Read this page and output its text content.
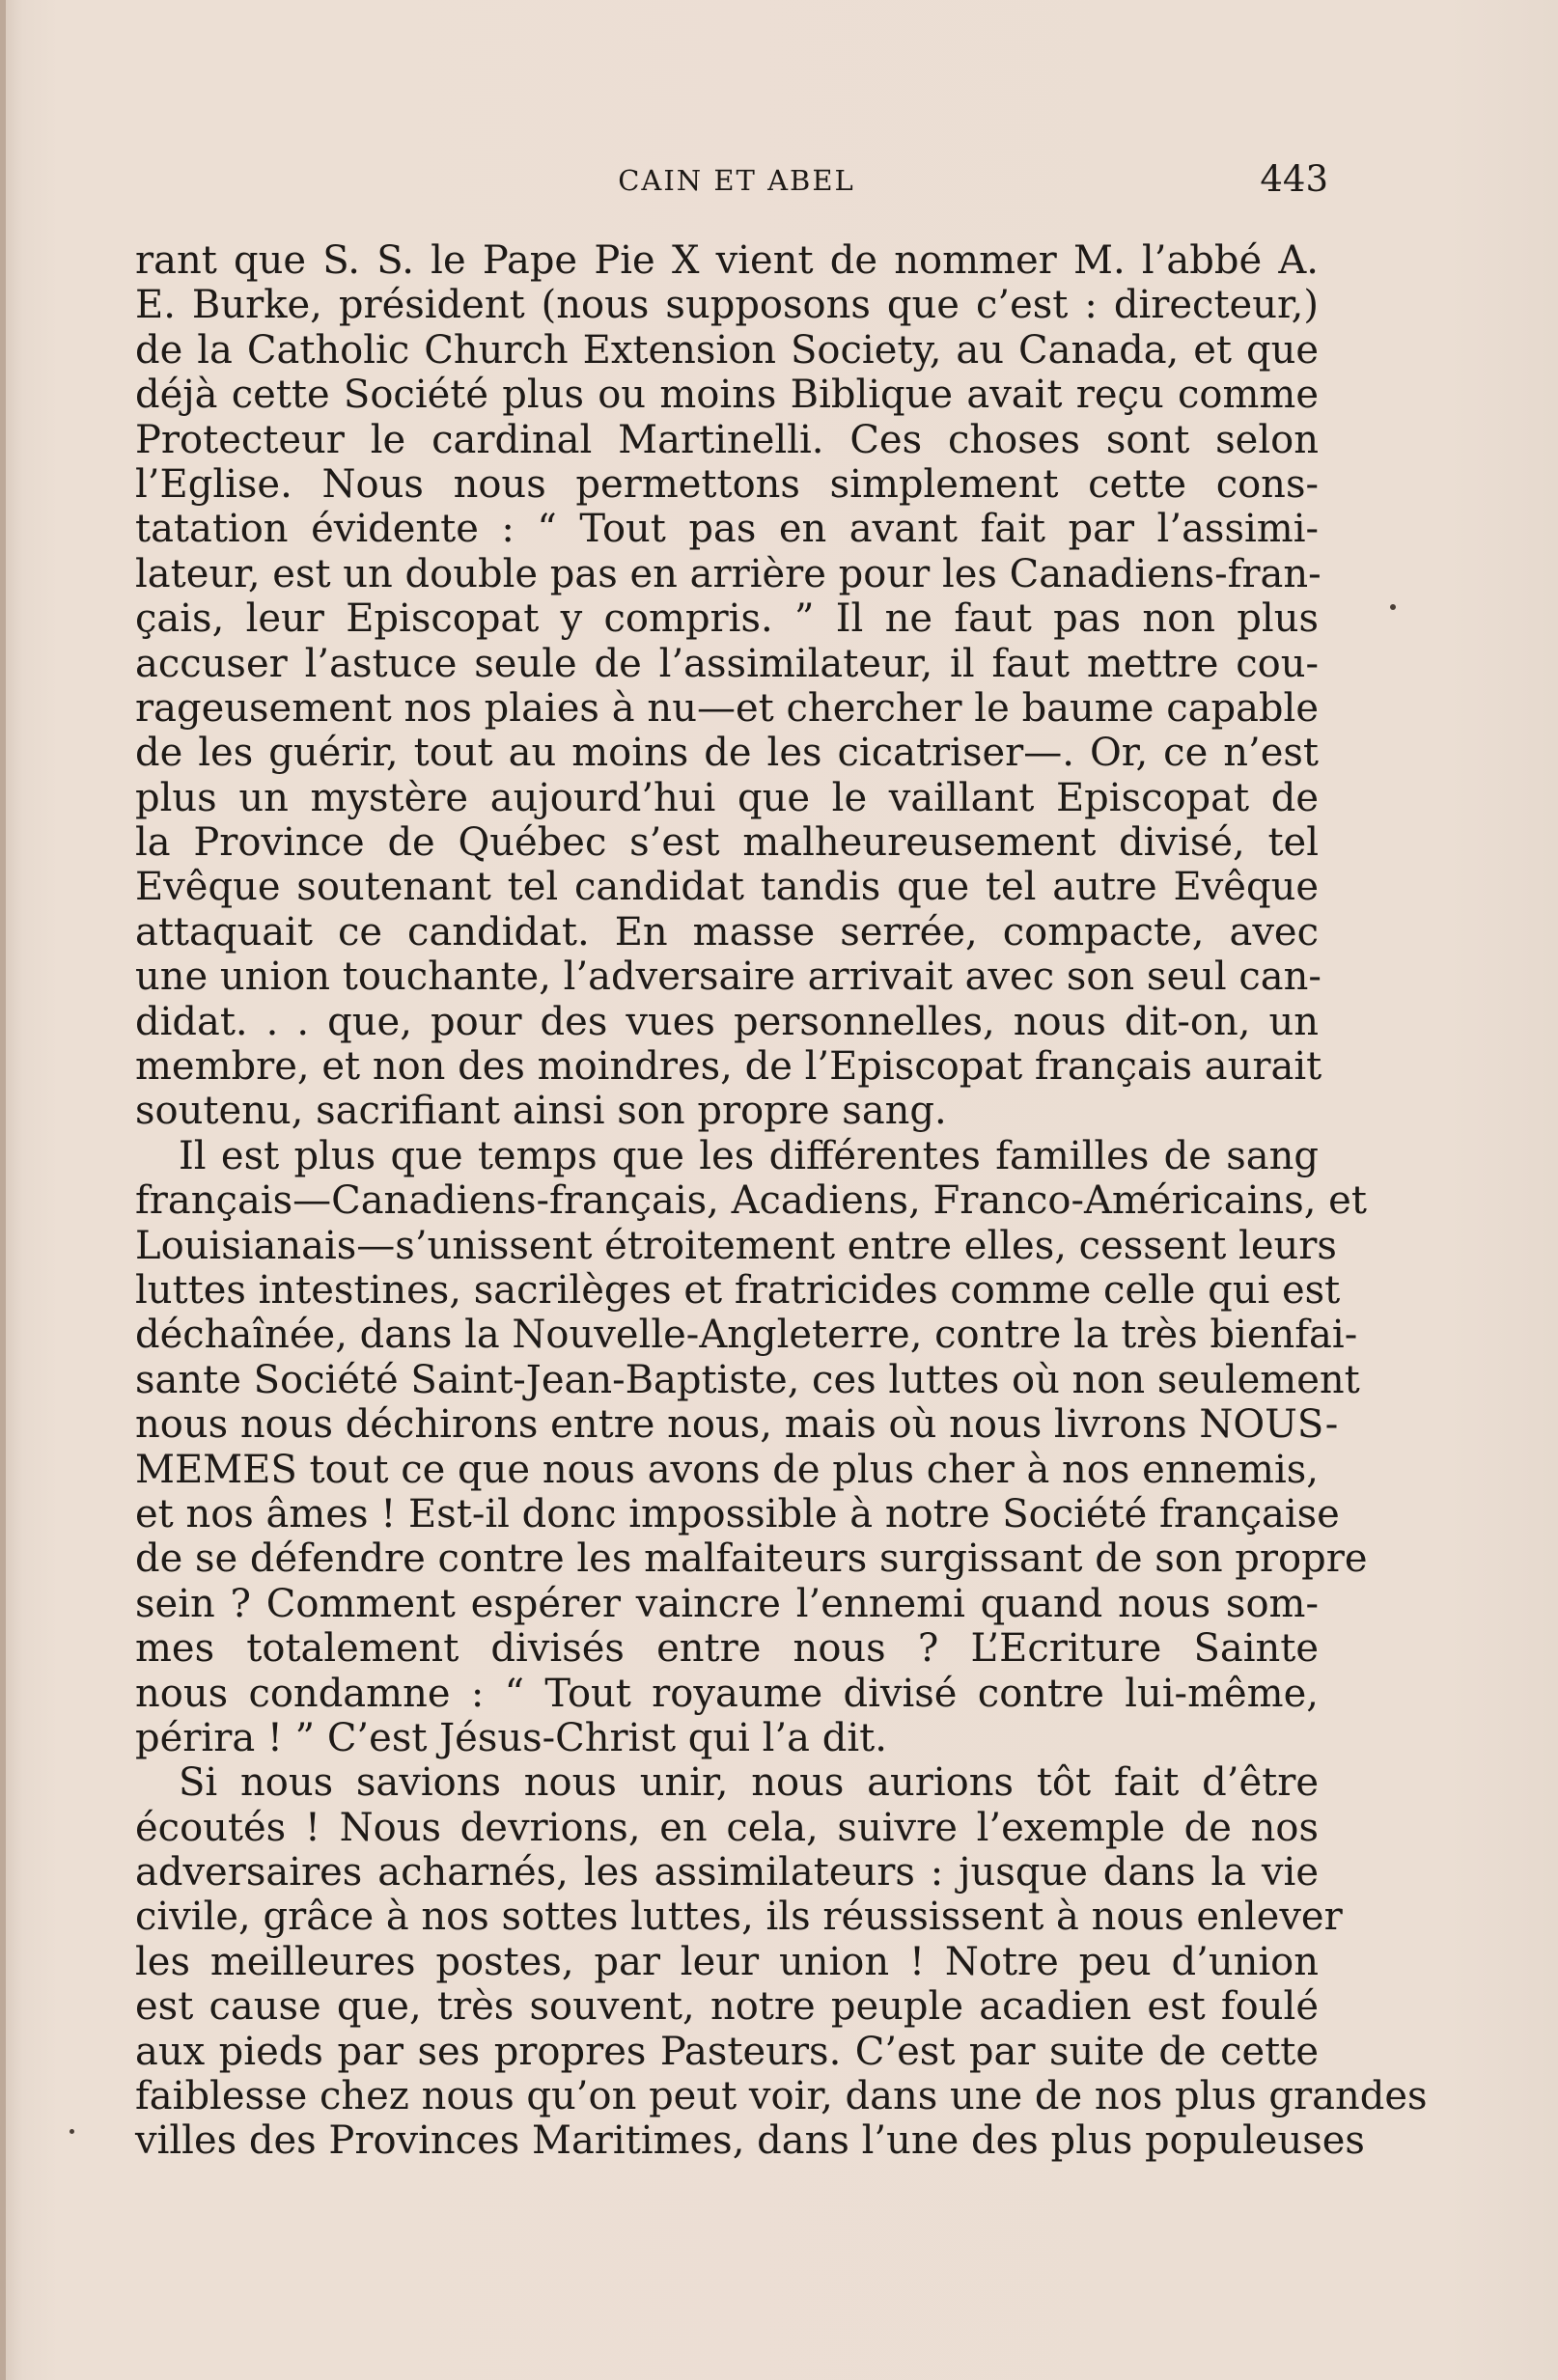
CAIN ET ABEL	443
rant que S. S. le Pape Pie X vient de nommer M. l’abbé A.
E. Burke, président (nous supposons que c’est : directeur,)
de la Catholic Church Extension Society, au Canada, et que
déjà cette Société plus ou moins Biblique avait reçu comme
Protecteur le cardinal Martinelli. Ces choses sont selon
l’Eglise. Nous nous permettons simplement cette cons-
tatation évidente : “ Tout pas en avant fait par l’assimi-
lateur, est un double pas en arrière pour les Canadiens-fran-
çais, leur Episcopat y compris. ” Il ne faut pas non plus
accuser l’astuce seule de l’assimilateur, il faut mettre cou-
rageusement nos plaies à nu—et chercher le baume capable
de les guérir, tout au moins de les cicatriser—. Or, ce n’est
plus un mystère aujourd’hui que le vaillant Episcopat de
la Province de Québec s’est malheureusement divisé, tel
Evêque soutenant tel candidat tandis que tel autre Evêque
attaquait ce candidat. En masse serrée, compacte, avec
une union touchante, l’adversaire arrivait avec son seul can-
didat. . . que, pour des vues personnelles, nous dit-on, un
membre, et non des moindres, de l’Episcopat français aurait
soutenu, sacrifiant ainsi son propre sang.
Il est plus que temps que les différentes familles de sang
français—Canadiens-français, Acadiens, Franco-Américains, et
Louisianais—s’unissent étroitement entre elles, cessent leurs
luttes intestines, sacrilèges et fratricides comme celle qui est
déchaînée, dans la Nouvelle-Angleterre, contre la très bienfai-
sante Société Saint-Jean-Baptiste, ces luttes où non seulement
nous nous déchirons entre nous, mais où nous livrons NOUS-
MEMES tout ce que nous avons de plus cher à nos ennemis,
et nos âmes ! Est-il donc impossible à notre Société française
de se défendre contre les malfaiteurs surgissant de son propre
sein ? Comment espérer vaincre l’ennemi quand nous som-
mes totalement divisés entre nous ? L’Ecriture Sainte
nous condamne : “ Tout royaume divisé contre lui-même,
périra ! ” C’est Jésus-Christ qui l’a dit.
Si nous savions nous unir, nous aurions tôt fait d’être
écoutés ! Nous devrions, en cela, suivre l’exemple de nos
adversaires acharnés, les assimilateurs : jusque dans la vie
civile, grâce à nos sottes luttes, ils réussissent à nous enlever
les meilleures postes, par leur union ! Notre peu d’union
est cause que, très souvent, notre peuple acadien est foulé
aux pieds par ses propres Pasteurs. C’est par suite de cette
faiblesse chez nous qu’on peut voir, dans une de nos plus grandes
villes des Provinces Maritimes, dans l’une des plus populeuses
